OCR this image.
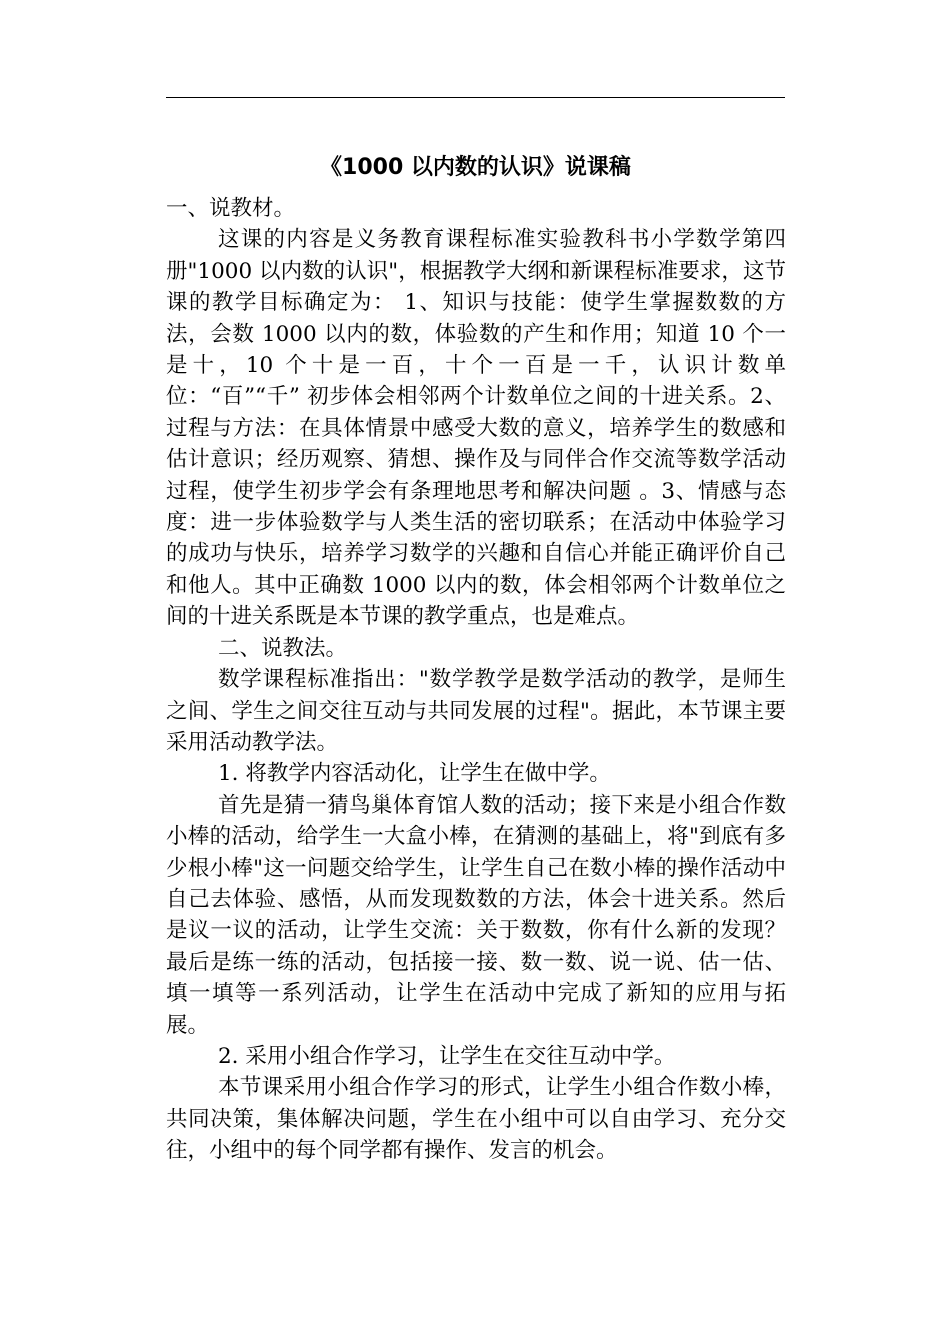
《1000 以内数的认识》说课稿

一、说教材。

这课的内容是义务教育课程标准实验教科书小学数学第四册"1000 以内数的认识"，根据教学大纲和新课程标准要求，这节课的教学目标确定为： 1、知识与技能：使学生掌握数数的方法，会数 1000 以内的数，体验数的产生和作用；知道 10 个一是十，10 个十是一百，十个一百是一千，认识计数单位：“百”“千” 初步体会相邻两个计数单位之间的十进关系。2、过程与方法：在具体情景中感受大数的意义，培养学生的数感和估计意识；经历观察、猜想、操作及与同伴合作交流等数学活动过程，使学生初步学会有条理地思考和解决问题 。3、情感与态度：进一步体验数学与人类生活的密切联系；在活动中体验学习的成功与快乐，培养学习数学的兴趣和自信心并能正确评价自己和他人。其中正确数 1000 以内的数，体会相邻两个计数单位之间的十进关系既是本节课的教学重点，也是难点。

二、说教法。

数学课程标准指出："数学教学是数学活动的教学，是师生之间、学生之间交往互动与共同发展的过程"。据此，本节课主要采用活动教学法。

1. 将教学内容活动化，让学生在做中学。

首先是猜一猜鸟巢体育馆人数的活动；接下来是小组合作数小棒的活动，给学生一大盒小棒，在猜测的基础上，将"到底有多少根小棒"这一问题交给学生，让学生自己在数小棒的操作活动中自己去体验、感悟，从而发现数数的方法，体会十进关系。然后是议一议的活动，让学生交流：关于数数，你有什么新的发现？最后是练一练的活动，包括接一接、数一数、说一说、估一估、填一填等一系列活动，让学生在活动中完成了新知的应用与拓展。

2. 采用小组合作学习，让学生在交往互动中学。

本节课采用小组合作学习的形式，让学生小组合作数小棒，共同决策，集体解决问题，学生在小组中可以自由学习、充分交往，小组中的每个同学都有操作、发言的机会。
